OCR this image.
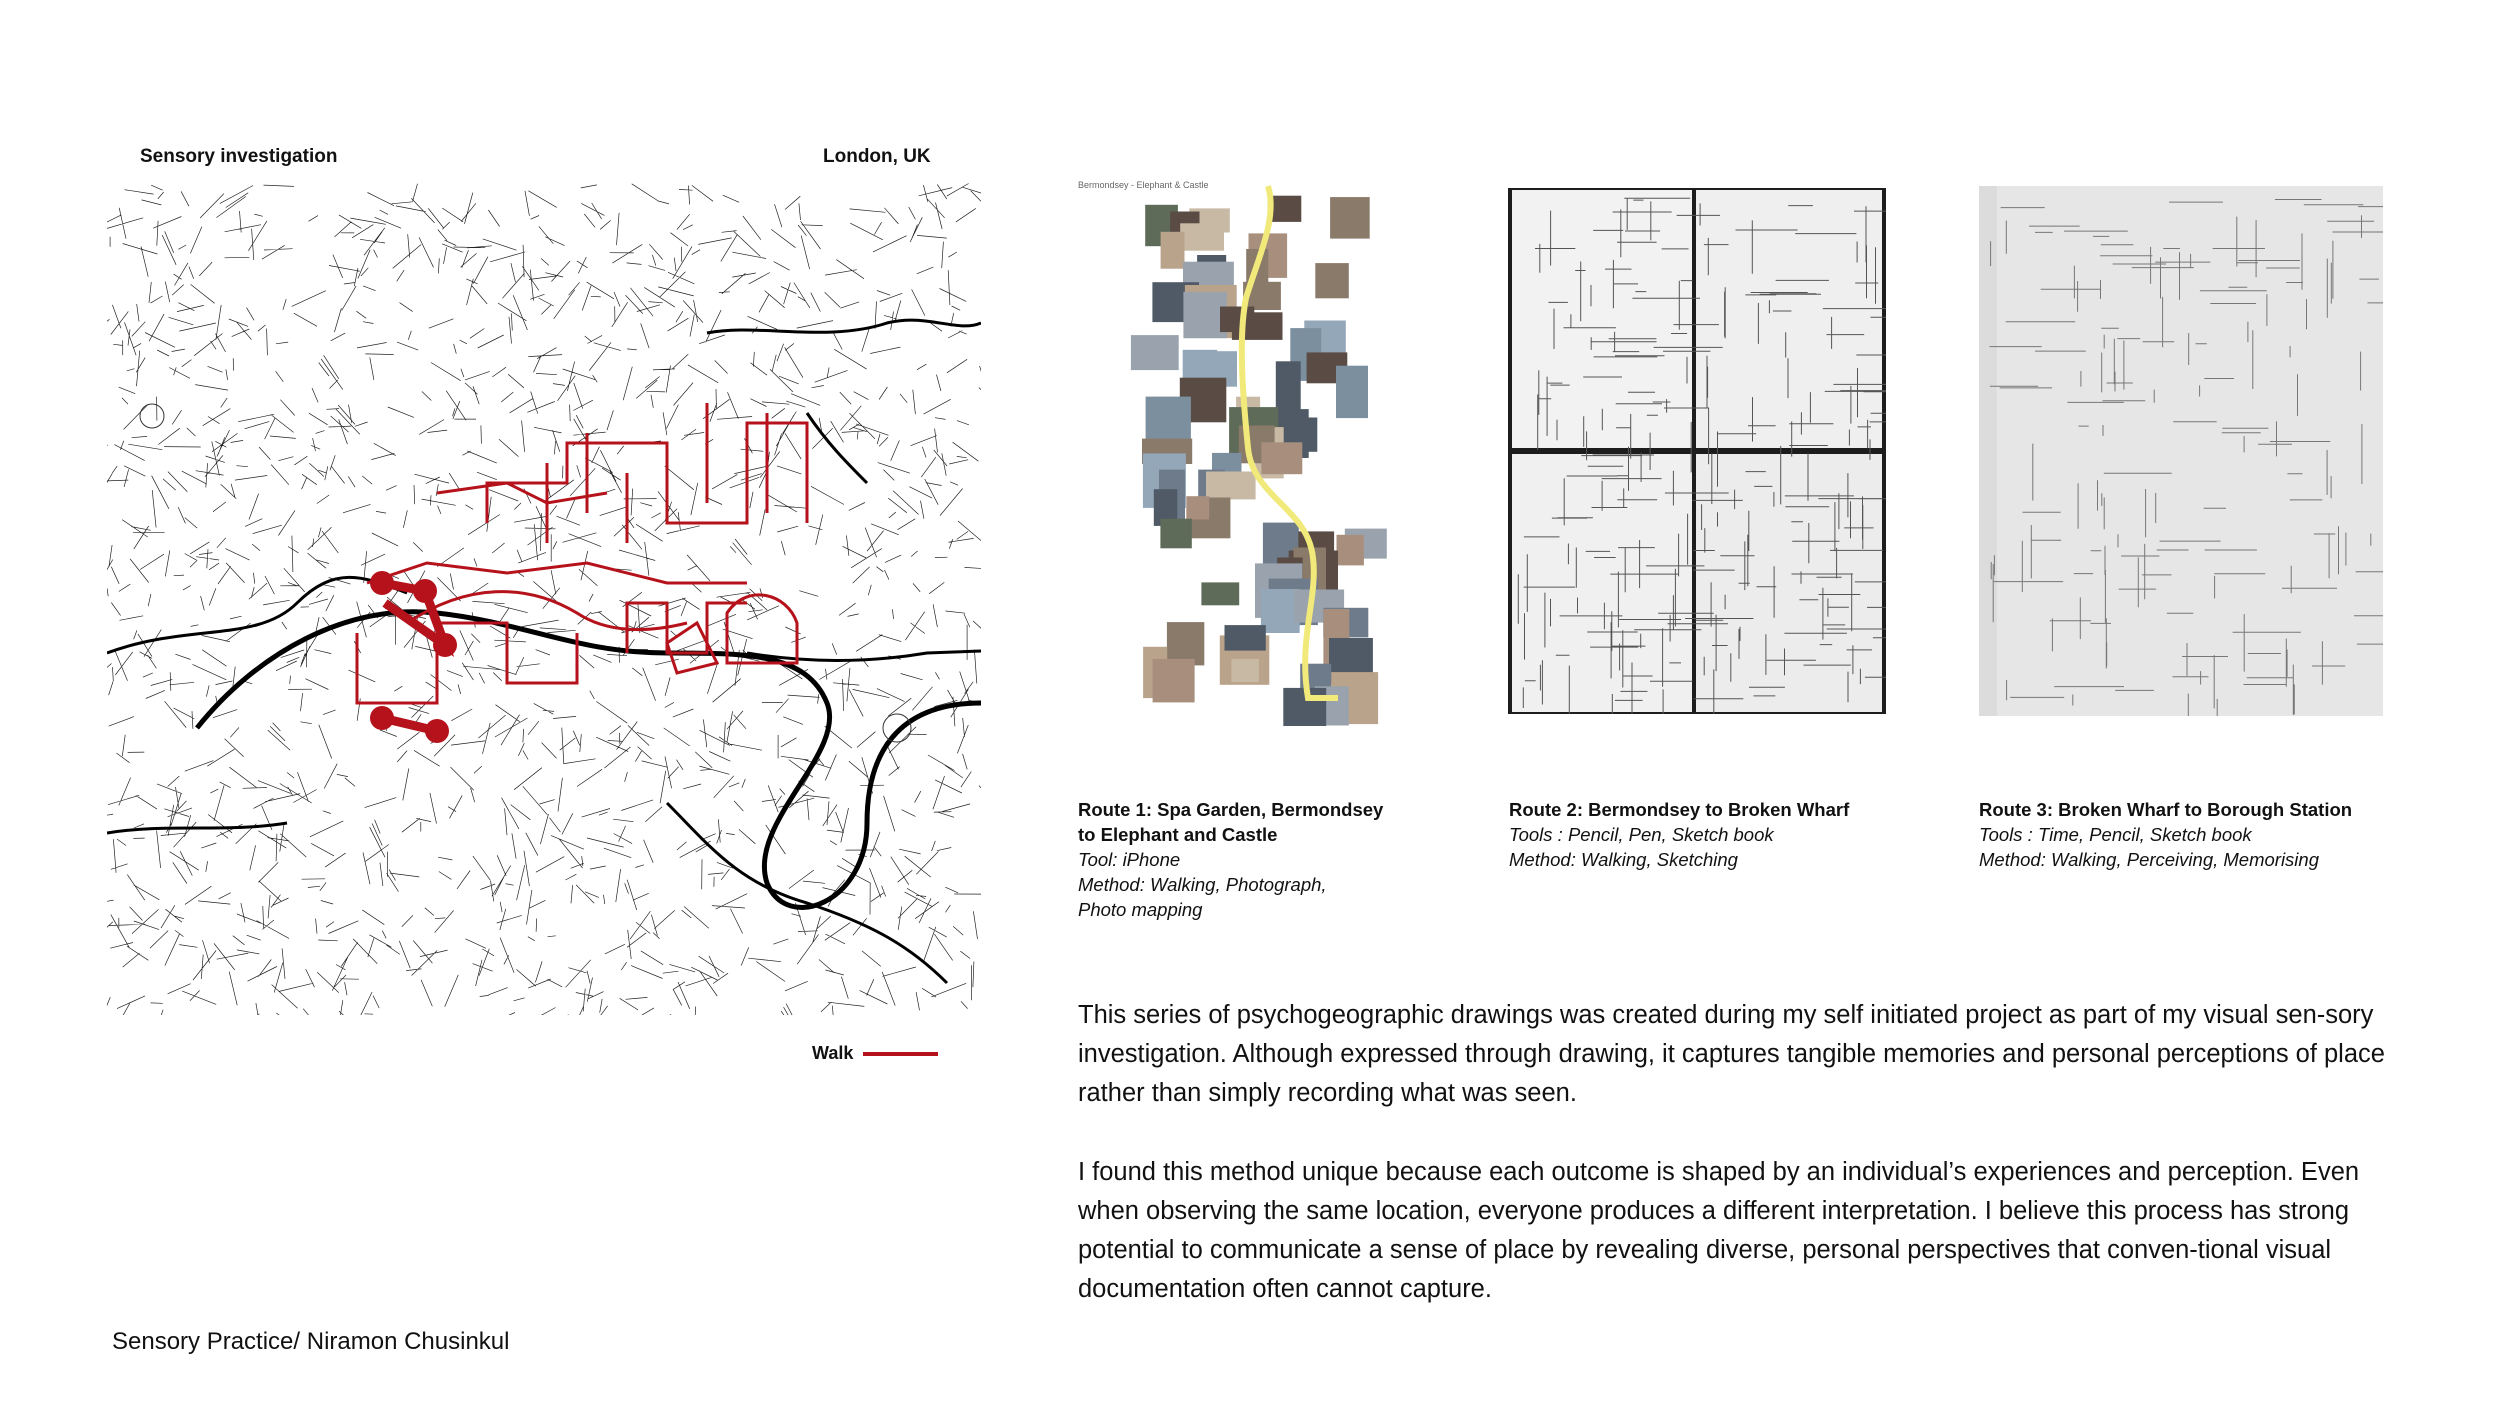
Sensory investigation	London, UK
Walk
Bermondsey - Elephant & Castle
Route 1: Spa Garden, Bermondsey
to Elephant and Castle
Tool: iPhone
Method: Walking, Photograph,
Photo mapping
Route 2: Bermondsey to Broken Wharf
Tools : Pencil, Pen, Sketch book
Method: Walking, Sketching
Route 3: Broken Wharf to Borough Station
Tools : Time, Pencil, Sketch book
Method: Walking, Perceiving, Memorising

This series of psychogeographic drawings was created during my self initiated project as part of my visual sen-sory investigation. Although expressed through drawing, it captures tangible memories and personal perceptions of place rather than simply recording what was seen.

I found this method unique because each outcome is shaped by an individual’s experiences and perception. Even when observing the same location, everyone produces a different interpretation. I believe this process has strong potential to communicate a sense of place by revealing diverse, personal perspectives that conven-tional visual documentation often cannot capture.

Sensory Practice/ Niramon Chusinkul
